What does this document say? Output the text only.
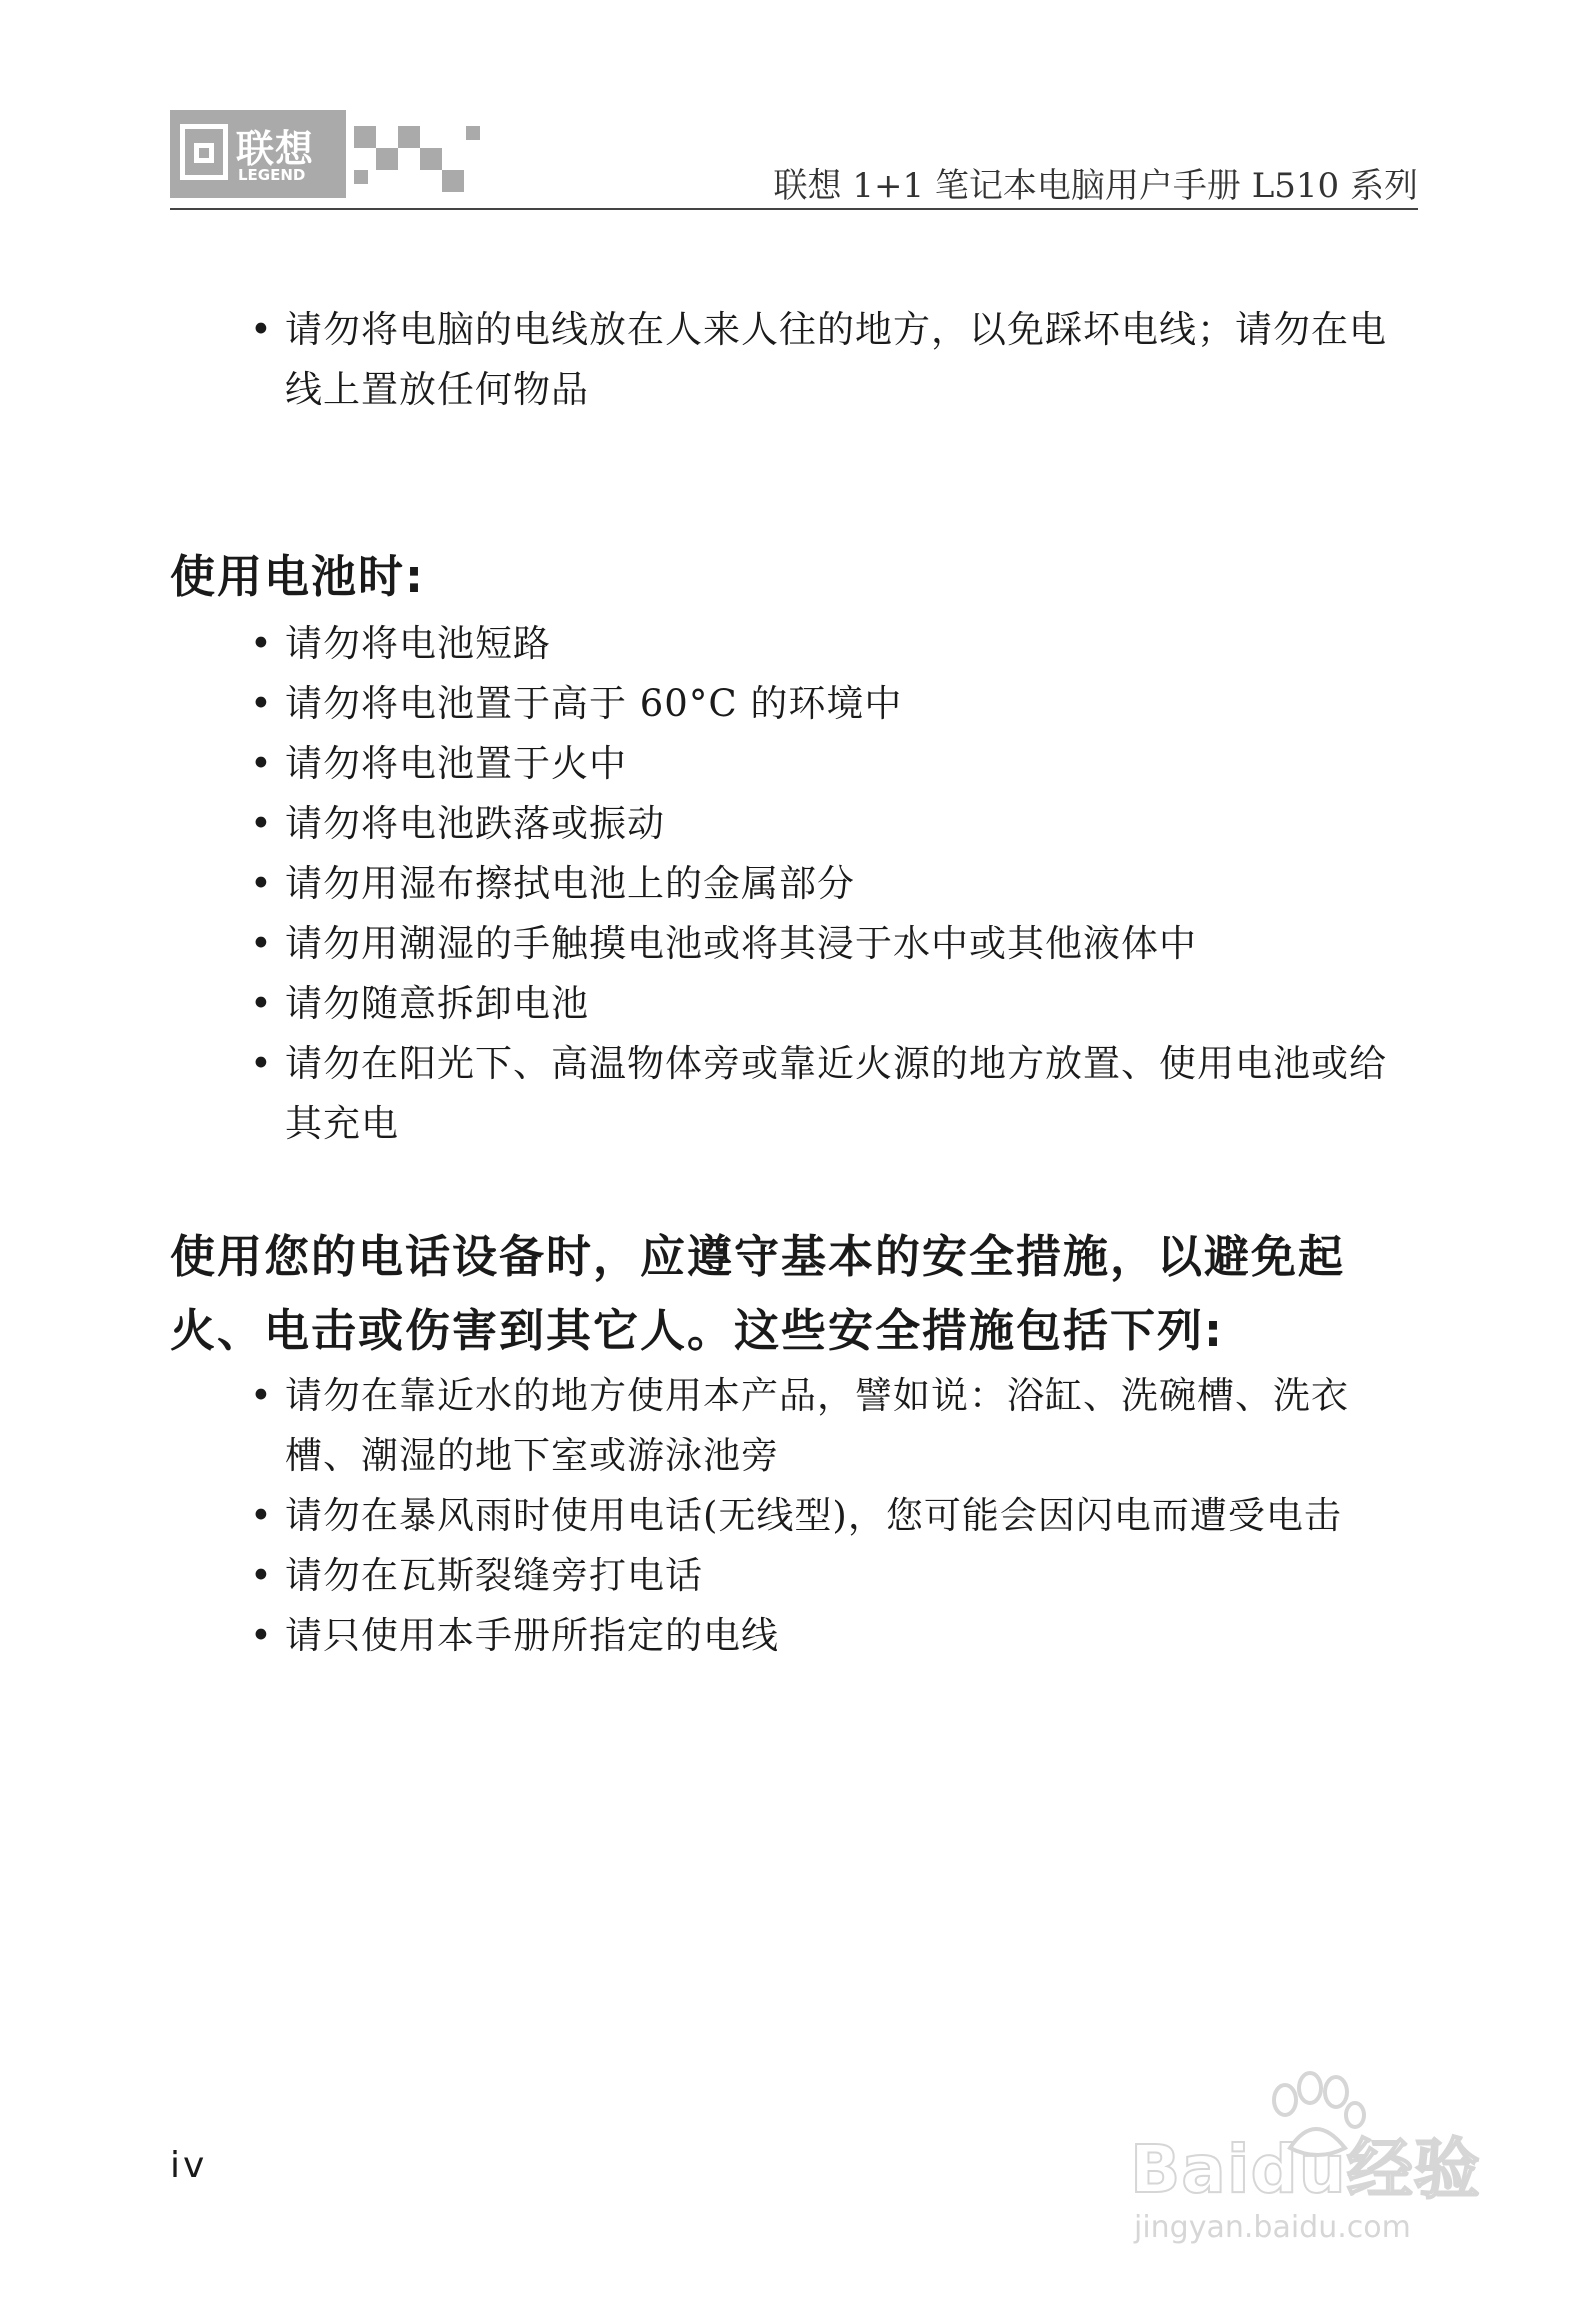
联想
LEGEND	联想 1+1 笔记本电脑用户手册 L510 系列
• 请勿将电脑的电线放在人来人往的地方，以免踩坏电线；请勿在电线上置放任何物品
使用电池时:
• 请勿将电池短路
• 请勿将电池置于高于 60°C 的环境中
• 请勿将电池置于火中
• 请勿将电池跌落或振动
• 请勿用湿布擦拭电池上的金属部分
• 请勿用潮湿的手触摸电池或将其浸于水中或其他液体中
• 请勿随意拆卸电池
• 请勿在阳光下、高温物体旁或靠近火源的地方放置、使用电池或给其充电
使用您的电话设备时，应遵守基本的安全措施，以避免起火、电击或伤害到其它人。这些安全措施包括下列:
• 请勿在靠近水的地方使用本产品，譬如说：浴缸、洗碗槽、洗衣槽、潮湿的地下室或游泳池旁
• 请勿在暴风雨时使用电话(无线型)，您可能会因闪电而遭受电击
• 请勿在瓦斯裂缝旁打电话
• 请只使用本手册所指定的电线
iv	Baidu经验
jingyan.baidu.com
